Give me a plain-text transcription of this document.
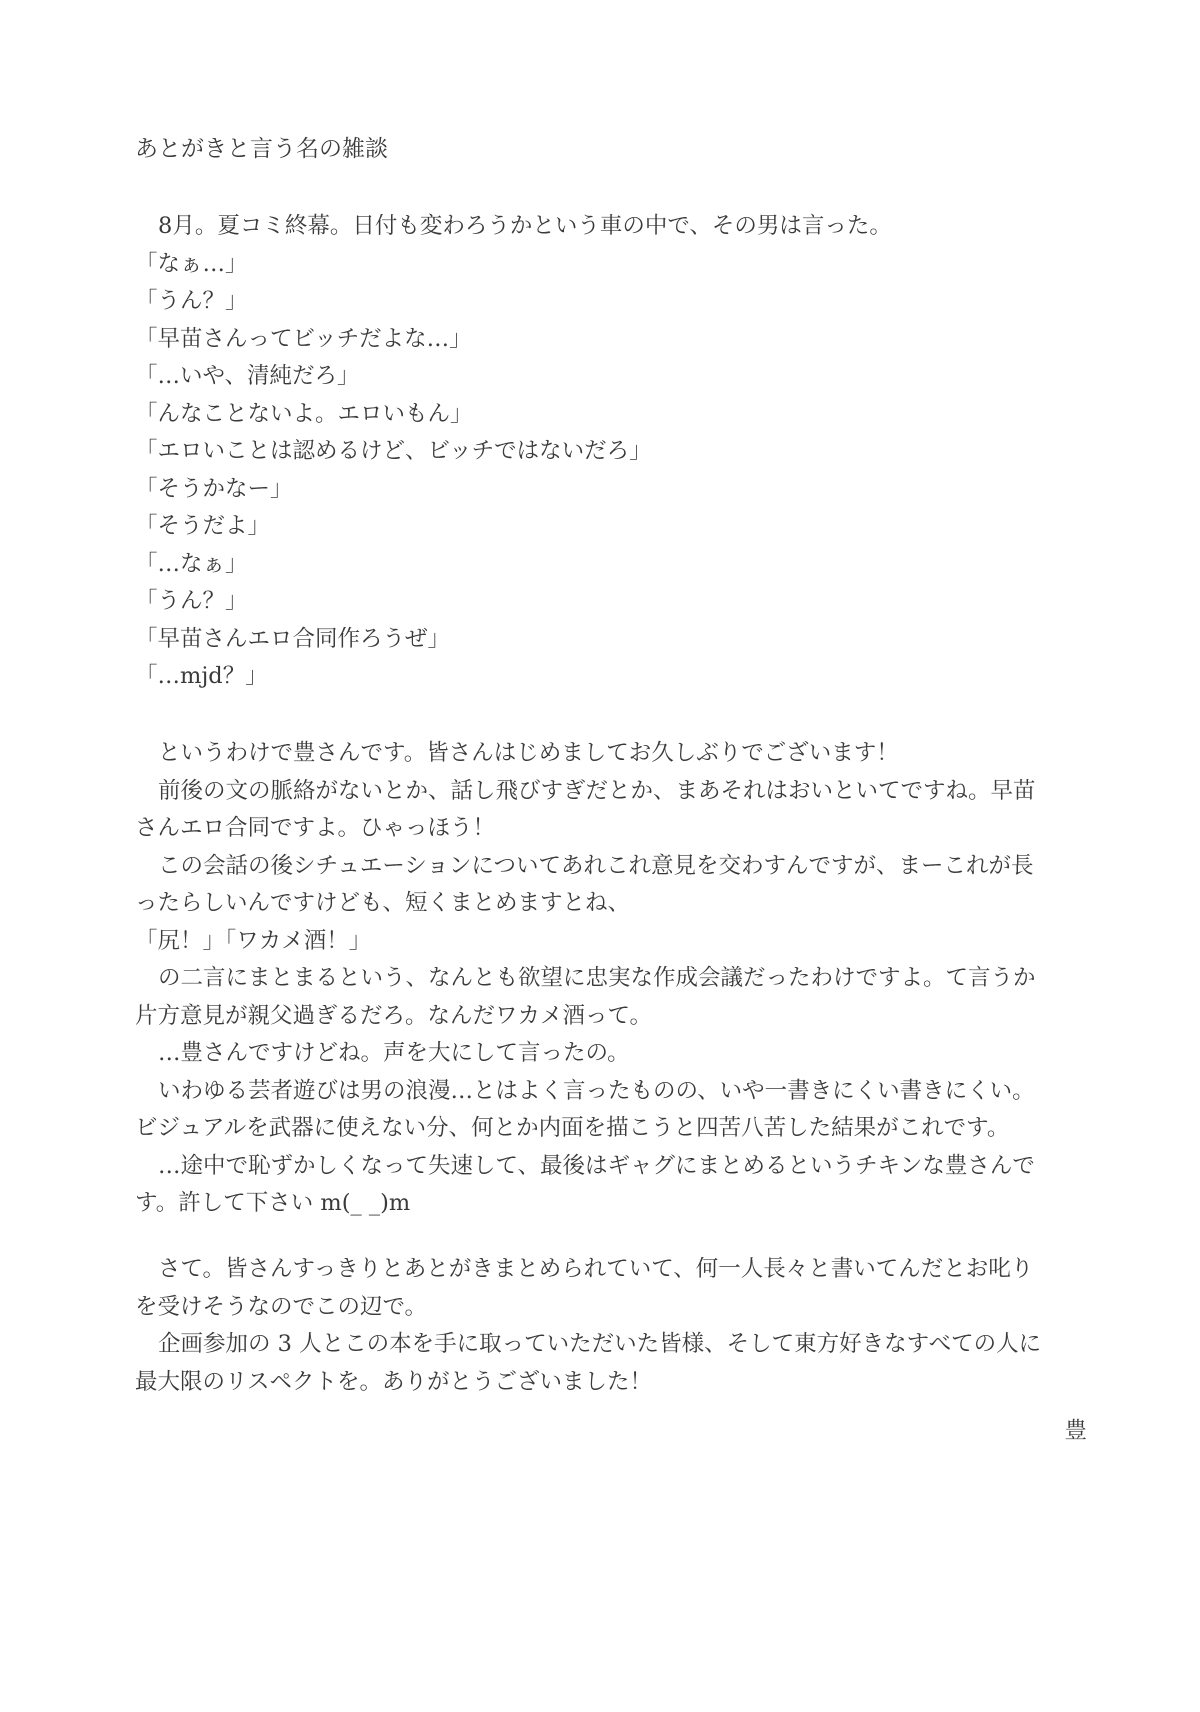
あとがきと言う名の雑談
8月。夏コミ終幕。日付も変わろうかという車の中で、その男は言った。
「なぁ…」
「うん？」
「早苗さんってビッチだよな…」
「…いや、清純だろ」
「んなことないよ。エロいもん」
「エロいことは認めるけど、ビッチではないだろ」
「そうかなー」
「そうだよ」
「…なぁ」
「うん？」
「早苗さんエロ合同作ろうぜ」
「…mjd？」
というわけで豊さんです。皆さんはじめましてお久しぶりでございます！
前後の文の脈絡がないとか、話し飛びすぎだとか、まあそれはおいといてですね。早苗
さんエロ合同ですよ。ひゃっほう！
この会話の後シチュエーションについてあれこれ意見を交わすんですが、まーこれが長
ったらしいんですけども、短くまとめますとね、
「尻！」「ワカメ酒！」
の二言にまとまるという、なんとも欲望に忠実な作成会議だったわけですよ。て言うか
片方意見が親父過ぎるだろ。なんだワカメ酒って。
…豊さんですけどね。声を大にして言ったの。
いわゆる芸者遊びは男の浪漫…とはよく言ったものの、いや一書きにくい書きにくい。
ビジュアルを武器に使えない分、何とか内面を描こうと四苦八苦した結果がこれです。
…途中で恥ずかしくなって失速して、最後はギャグにまとめるというチキンな豊さんで
す。許して下さい m(_ _)m
さて。皆さんすっきりとあとがきまとめられていて、何一人長々と書いてんだとお叱り
を受けそうなのでこの辺で。
企画参加の 3 人とこの本を手に取っていただいた皆様、そして東方好きなすべての人に
最大限のリスペクトを。ありがとうございました！
豊
